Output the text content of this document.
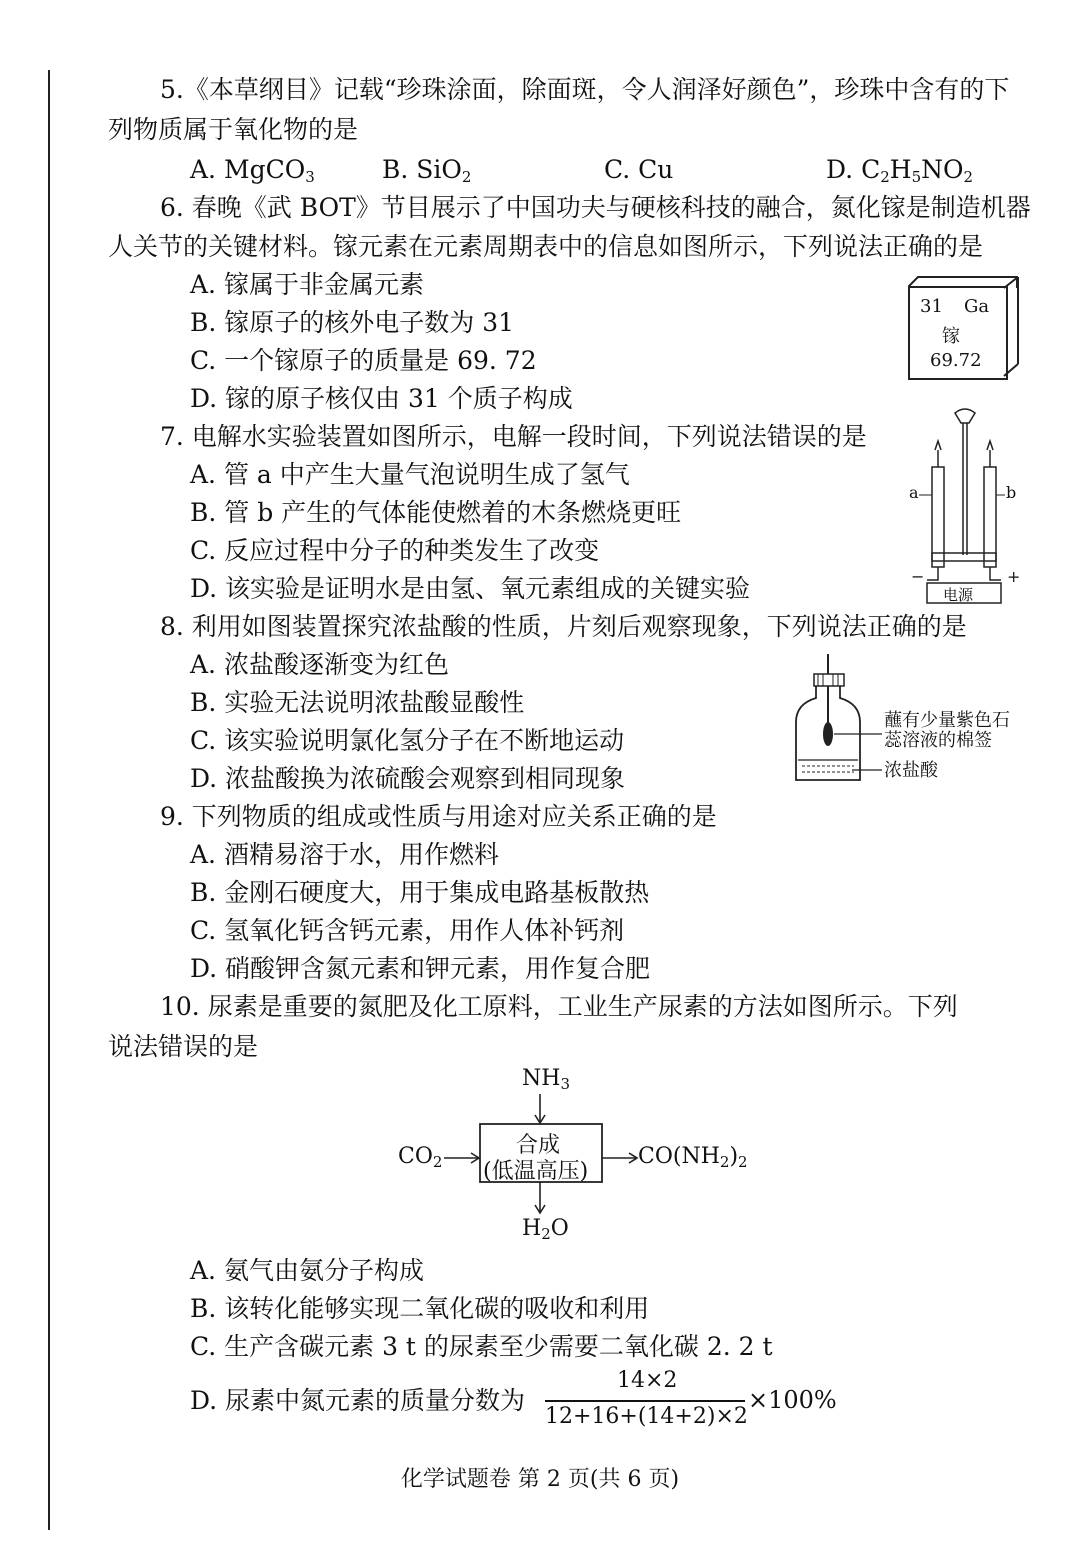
5.《本草纲目》记载“珍珠涂面，除面斑，令人润泽好颜色”，珍珠中含有的下
列物质属于氧化物的是
A. MgCO$_3$	B. SiO$_2$	C. Cu	D. $C_2H_5NO_2$
6. 春晚《武 BOT》节目展示了中国功夫与硬核科技的融合，氮化镓是制造机器
人关节的关键材料。镓元素在元素周期表中的信息如图所示，下列说法正确的是
A. 镓属于非金属元素
B. 镓原子的核外电子数为 31
C. 一个镓原子的质量是 69. 72
D. 镓的原子核仅由 31 个质子构成
31 Ga
镓
69.72
7. 电解水实验装置如图所示，电解一段时间，下列说法错误的是
A. 管 a 中产生大量气泡说明生成了氢气
B. 管 b 产生的气体能使燃着的木条燃烧更旺
C. 反应过程中分子的种类发生了改变
D. 该实验是证明水是由氢、氧元素组成的关键实验
a	b
−	+
电源
8. 利用如图装置探究浓盐酸的性质，片刻后观察现象，下列说法正确的是
A. 浓盐酸逐渐变为红色
B. 实验无法说明浓盐酸显酸性
C. 该实验说明氯化氢分子在不断地运动
D. 浓盐酸换为浓硫酸会观察到相同现象
蘸有少量紫色石
蕊溶液的棉签
浓盐酸
9. 下列物质的组成或性质与用途对应关系正确的是
A. 酒精易溶于水，用作燃料
B. 金刚石硬度大，用于集成电路基板散热
C. 氢氧化钙含钙元素，用作人体补钙剂
D. 硝酸钾含氮元素和钾元素，用作复合肥
10. 尿素是重要的氮肥及化工原料，工业生产尿素的方法如图所示。下列
说法错误的是
$NH_3$
$CO_2$
合成
(低温高压)
$CO(NH_2)_2$
$H_2O$
A. 氨气由氨分子构成
B. 该转化能够实现二氧化碳的吸收和利用
C. 生产含碳元素 3 t 的尿素至少需要二氧化碳 2. 2 t
D. 尿素中氮元素的质量分数为
14×2
12+16+(14+2)×2
×100%
化学试题卷 第 2 页(共 6 页)
